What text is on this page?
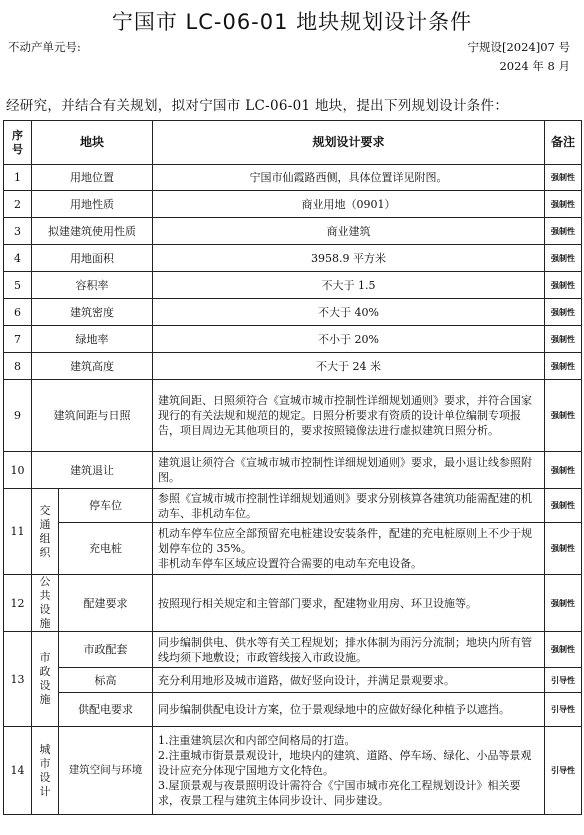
宁国市 LC-06-01 地块规划设计条件
不动产单元号:	宁规设[2024]07 号
2024 年 8 月
经研究，并结合有关规划，拟对宁国市 LC-06-01 地块，提出下列规划设计条件：
序号	地块		规划设计要求	备注
1	用地位置		宁国市仙霞路西侧，具体位置详见附图。	强制性
2	用地性质		商业用地（0901）	强制性
3	拟建建筑使用性质		商业建筑	强制性
4	用地面积		3958.9 平方米	强制性
5	容积率		不大于 1.5	强制性
6	建筑密度		不大于 40%	强制性
7	绿地率		不小于 20%	强制性
8	建筑高度		不大于 24 米	强制性
9	建筑间距与日照		建筑间距、日照须符合《宣城市城市控制性详细规划通则》要求，并符合国家现行的有关法规和规范的规定。日照分析要求有资质的设计单位编制专项报告，项目周边无其他项目的，要求按照镜像法进行虚拟建筑日照分析。	强制性
10	建筑退让		建筑退让须符合《宣城市城市控制性详细规划通则》要求，最小退让线参照附图。	强制性
11	交通组织	停车位	参照《宣城市城市控制性详细规划通则》要求分别核算各建筑功能需配建的机动车、非机动车位。	强制性
		充电桩	机动车停车位应全部预留充电桩建设安装条件，配建的充电桩原则上不少于规划停车位的 35%。
非机动车停车区域应设置符合需要的电动车充电设备。	强制性
12	公共设施	配建要求	按照现行相关规定和主管部门要求，配建物业用房、环卫设施等。	强制性
13	市政设施	市政配套	同步编制供电、供水等有关工程规划；排水体制为雨污分流制；地块内所有管线均须下地敷设；市政管线接入市政设施。	强制性
		标高	充分利用地形及城市道路，做好竖向设计，并满足景观要求。	引导性
		供配电要求	同步编制供配电设计方案，位于景观绿地中的应做好绿化种植予以遮挡。	引导性
14	城市设计	建筑空间与环境	1.注重建筑层次和内部空间格局的打造。
2.注重城市街景景观设计，地块内的建筑、道路、停车场、绿化、小品等景观设计应充分体现宁国地方文化特色。
3.屋顶景观与夜景照明设计需符合《宁国市城市亮化工程规划设计》相关要求，夜景工程与建筑主体同步设计、同步建设。	引导性
